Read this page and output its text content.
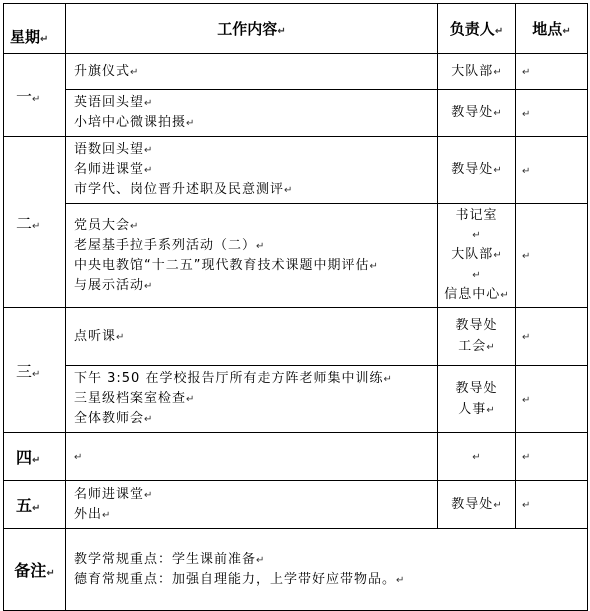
星期↵	工作内容↵	负责人↵	地点↵
一↵	升旗仪式↵	大队部↵	↵

	英语回头望↵
小培中心微课拍摄↵	教导处↵	↵
二↵	语数回头望↵
名师进课堂↵
市学代、岗位晋升述职及民意测评↵	教导处↵	↵

	党员大会↵
老屋基手拉手系列活动（二）↵
中央电教馆“十二五”现代教育技术课题中期评估↵
与展示活动↵	书记室
↵
大队部↵
↵
信息中心↵	↵
三↵	点听课↵	教导处
工会↵	↵

	下午 3:50 在学校报告厅所有走方阵老师集中训练↵
三星级档案室检查↵
全体教师会↵	教导处
人事↵	↵
四↵	↵	↵	↵
五↵	名师进课堂↵
外出↵	教导处↵	↵
备注↵	教学常规重点：学生课前准备↵
德育常规重点：加强自理能力，上学带好应带物品。↵		
